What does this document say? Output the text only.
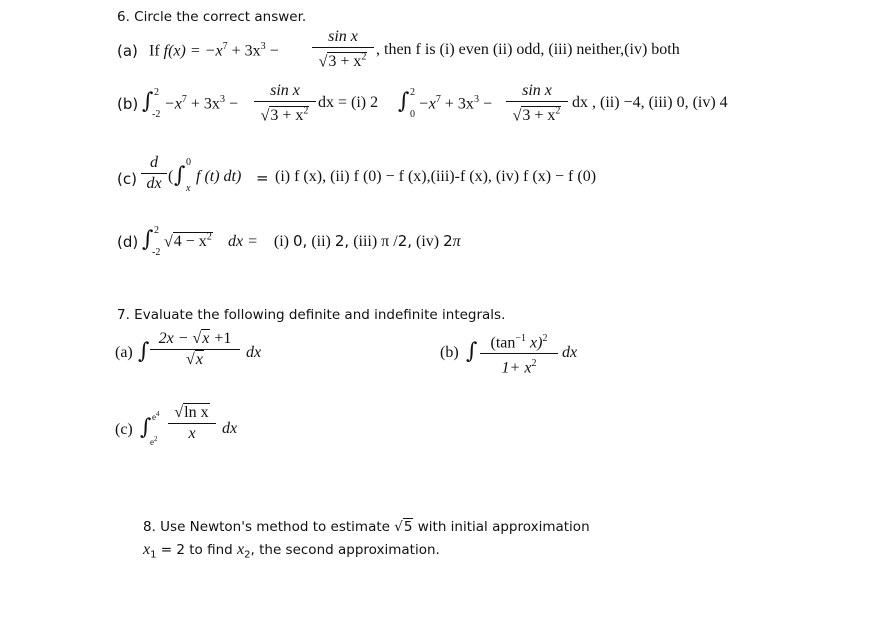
6. Circle the correct answer.
(a) If $f(x) = -x^7 + 3x^3$ −
sin x
$√3 + x^2$ , then f is (i) even (ii) odd, (iii) neither,(iv) both
(b) ∫ 2
-2
$-x^7 + 3x^3$ −
sin x
$√3 + x^2$
dx = (i) 2 ∫ 2
0
$-x^7 + 3x^3$ −
sin x
$√3 + x^2$
dx , (ii) −4, (iii) 0, (iv) 4
(c)
d
dx ( ∫
0
x
f (t) dt) = (i) f (x), (ii) f (0) − f (x),(iii)-f (x), (iv) f (x) − f (0)
(d) ∫ 2
-2
$√4 - x^2$ dx = (i) 0, (ii) 2, (iii) π /2, (iv) 2π
7. Evaluate the following definite and indefinite integrals.
(a) ∫
2x − √x +1
√x	dx	(b) ∫ ($\tan^{-1}$ x)$^2$
$1+ x^2$
dx
(c) ∫ $e^4$
$e^2$
√ln x
x	dx
8. Use Newton's method to estimate √5 with initial approximation
$x_1 = 2$ to find $x_2$, the second approximation.
